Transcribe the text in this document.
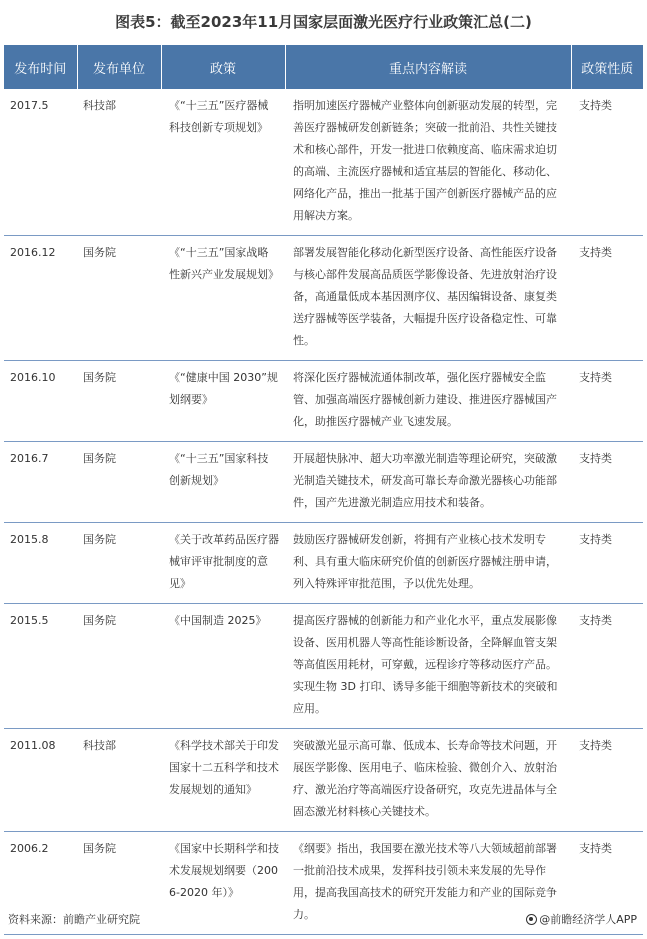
图表5：截至2023年11月国家层面激光医疗行业政策汇总(二)

发布时间	发布单位	政策	重点内容解读	政策性质
2017.5	科技部	《“十三五”医疗器械科技创新专项规划》	指明加速医疗器械产业整体向创新驱动发展的转型，完善医疗器械研发创新链条；突破一批前沿、共性关键技术和核心部件，开发一批进口依赖度高、临床需求迫切的高端、主流医疗器械和适宜基层的智能化、移动化、网络化产品，推出一批基于国产创新医疗器械产品的应用解决方案。	支持类
2016.12	国务院	《“十三五”国家战略性新兴产业发展规划》	部署发展智能化移动化新型医疗设备、高性能医疗设备与核心部件发展高品质医学影像设备、先进放射治疗设备，高通量低成本基因测序仪、基因编辑设备、康复类送疗器械等医学装备，大幅提升医疗设备稳定性、可靠性。	支持类
2016.10	国务院	《“健康中国 2030”规划纲要》	将深化医疗器械流通体制改革，强化医疗器械安全监管、加强高端医疗器械创新力建设、推进医疗器械国产化，助推医疗器械产业飞速发展。	支持类
2016.7	国务院	《“十三五”国家科技创新规划》	开展超快脉冲、超大功率激光制造等理论研究，突破激光制造关键技术，研发高可靠长寿命激光器核心功能部件，国产先进激光制造应用技术和装备。	支持类
2015.8	国务院	《关于改革药品医疗器械审评审批制度的意见》	鼓励医疗器械研发创新，将拥有产业核心技术发明专利、具有重大临床研究价值的创新医疗器械注册申请，列入特殊评审批范围，予以优先处理。	支持类
2015.5	国务院	《中国制造 2025》	提高医疗器械的创新能力和产业化水平，重点发展影像设备、医用机器人等高性能诊断设备，全降解血管支架等高值医用耗材，可穿戴，远程诊疗等移动医疗产品。实现生物 3D 打印、诱导多能干细胞等新技术的突破和应用。	支持类
2011.08	科技部	《科学技术部关于印发国家十二五科学和技术发展规划的通知》	突破激光显示高可靠、低成本、长寿命等技术问题，开展医学影像、医用电子、临床检验、微创介入、放射治疗、激光治疗等高端医疗设备研究，攻克先进晶体与全固态激光材料核心关键技术。	支持类
2006.2	国务院	《国家中长期科学和技术发展规划纲要（2006-2020 年）》	《纲要》指出，我国要在激光技术等八大领域超前部署一批前沿技术成果，发挥科技引领未来发展的先导作用，提高我国高技术的研究开发能力和产业的国际竞争力。	支持类
资料来源：前瞻产业研究院	@前瞻经济学人APP
